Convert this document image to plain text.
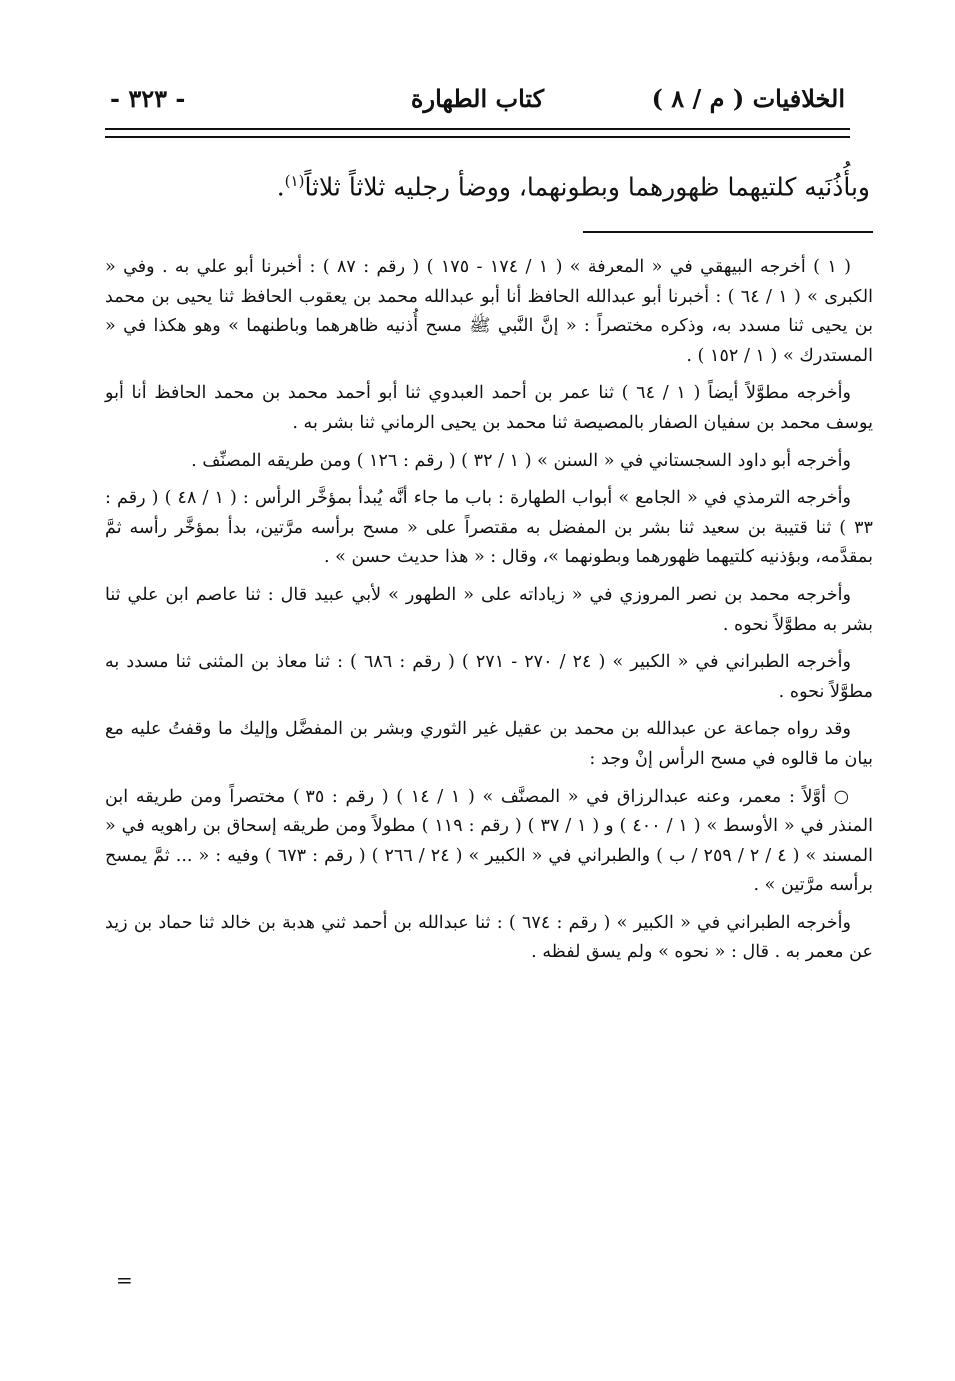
الخلافيات ( م / ٨ )
كتاب الطهارة
- ٣٢٣ -
وبأُذُنَيه كلتيهما ظهورهما وبطونهما، ووضأ رجليه ثلاثاً ثلاثاً$^{(١)}$.

( ١ ) أخرجه البيهقي في « المعرفة » ( ١ / ١٧٤ - ١٧٥ ) ( رقم : ٨٧ ) : أخبرنا أبو علي به . وفي « الكبرى » ( ١ / ٦٤ ) : أخبرنا أبو عبدالله الحافظ أنا أبو عبدالله محمد بن يعقوب الحافظ ثنا يحيى بن محمد بن يحيى ثنا مسدد به، وذكره مختصراً : « إنَّ النَّبي ﷺ مسح أُذنيه ظاهرهما وباطنهما » وهو هكذا في « المستدرك » ( ١ / ١٥٢ ) .

وأخرجه مطوَّلاً أيضاً ( ١ / ٦٤ ) ثنا عمر بن أحمد العبدوي ثنا أبو أحمد محمد بن محمد الحافظ أنا أبو يوسف محمد بن سفيان الصفار بالمصيصة ثنا محمد بن يحيى الرماني ثنا بشر به .

وأخرجه أبو داود السجستاني في « السنن » ( ١ / ٣٢ ) ( رقم : ١٢٦ ) ومن طريقه المصنِّف .

وأخرجه الترمذي في « الجامع » أبواب الطهارة : باب ما جاء أنَّه يُبدأ بمؤخَّر الرأس : ( ١ / ٤٨ ) ( رقم : ٣٣ ) ثنا قتيبة بن سعيد ثنا بشر بن المفضل به مقتصراً على « مسح برأسه مرَّتين، بدأ بمؤخَّر رأسه ثمَّ بمقدَّمه، وبؤذنيه كلتيهما ظهورهما وبطونهما »، وقال : « هذا حديث حسن » .

وأخرجه محمد بن نصر المروزي في « زياداته على « الطهور » لأبي عبيد قال : ثنا عاصم ابن علي ثنا بشر به مطوَّلاً نحوه .

وأخرجه الطبراني في « الكبير » ( ٢٤ / ٢٧٠ - ٢٧١ ) ( رقم : ٦٨٦ ) : ثنا معاذ بن المثنى ثنا مسدد به مطوَّلاً نحوه .

وقد رواه جماعة عن عبدالله بن محمد بن عقيل غير الثوري وبشر بن المفضَّل وإليك ما وقفتُ عليه مع بيان ما قالوه في مسح الرأس إنْ وجد :

○ أوَّلاً : معمر، وعنه عبدالرزاق في « المصنَّف » ( ١ / ١٤ ) ( رقم : ٣٥ ) مختصراً ومن طريقه ابن المنذر في « الأوسط » ( ١ / ٤٠٠ ) و ( ١ / ٣٧ ) ( رقم : ١١٩ ) مطولاً ومن طريقه إسحاق بن راهويه في « المسند » ( ٤ / ٢ / ٢٥٩ / ب ) والطبراني في « الكبير » ( ٢٤ / ٢٦٦ ) ( رقم : ٦٧٣ ) وفيه : « ... ثمَّ يمسح برأسه مرَّتين » .

وأخرجه الطبراني في « الكبير » ( رقم : ٦٧٤ ) : ثنا عبدالله بن أحمد ثني هدبة بن خالد ثنا حماد بن زيد عن معمر به . قال : « نحوه » ولم يسق لفظه .

=
